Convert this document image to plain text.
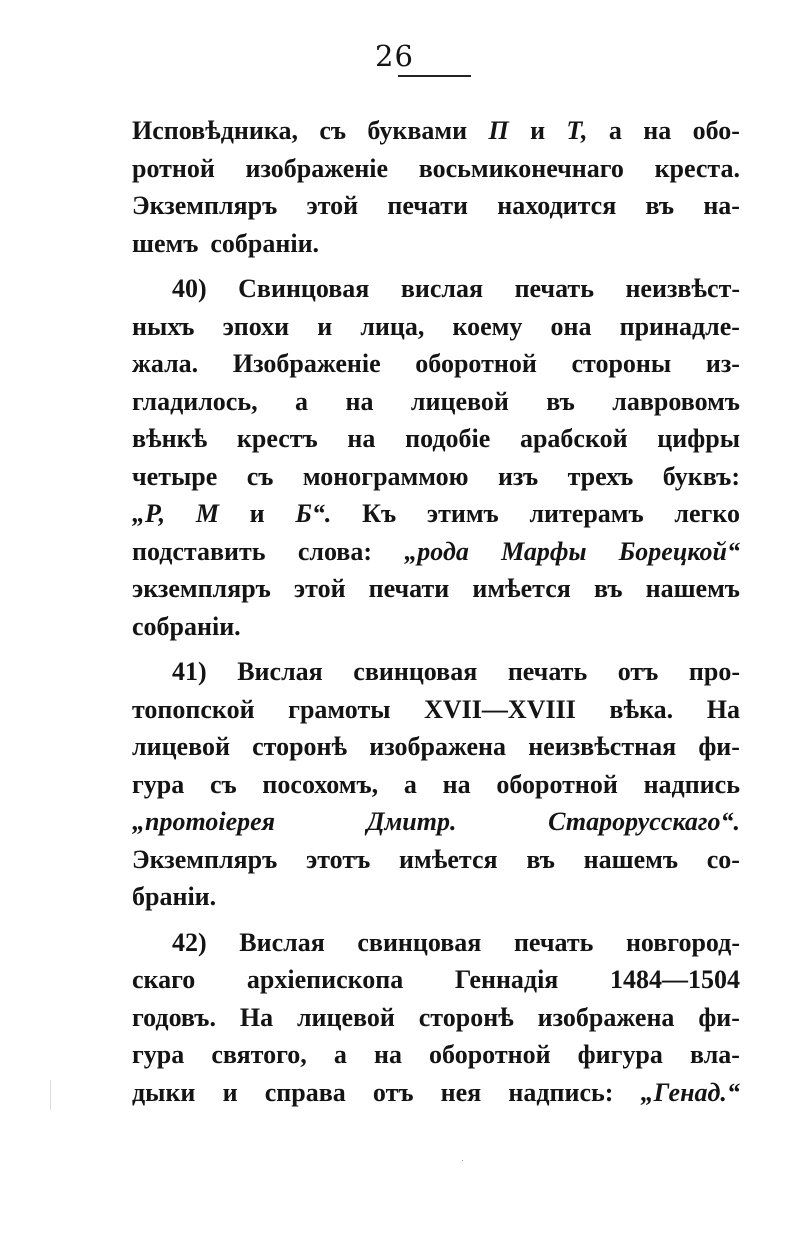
26
Исповѣдника, съ буквами П и Т, а на обо-
ротной изображенiе восьмиконечнаго креста.
Экземпляръ этой печати находится въ на-
шемъ собранiи.
40) Свинцовая вислая печать неизвѣст-
ныхъ эпохи и лица, коему она принадле-
жала. Изображенiе оборотной стороны из-
гладилось, а на лицевой въ лавровомъ
вѣнкѣ крестъ на подобiе арабской цифры
четыре съ монограммою изъ трехъ буквъ:
„Р, М и Б“. Къ этимъ литерамъ легко
подставить слова: „рода Марфы Борецкой“
экземпляръ этой печати имѣется въ нашемъ
собранiи.
41) Вислая свинцовая печать отъ про-
топопской грамоты XVII—XVIII вѣка. На
лицевой сторонѣ изображена неизвѣстная фи-
гура съ посохомъ, а на оборотной надпись
„протоiерея	Дмитр.	Старорусскаго“.
Экземпляръ этотъ имѣется въ нашемъ со-
бранiи.
42) Вислая свинцовая печать новгород-
скаго архiепископа Геннадiя 1484—1504
годовъ. На лицевой сторонѣ изображена фи-
гура святого, а на оборотной фигура вла-
дыки и справа отъ нея надпись: „Генад.“
